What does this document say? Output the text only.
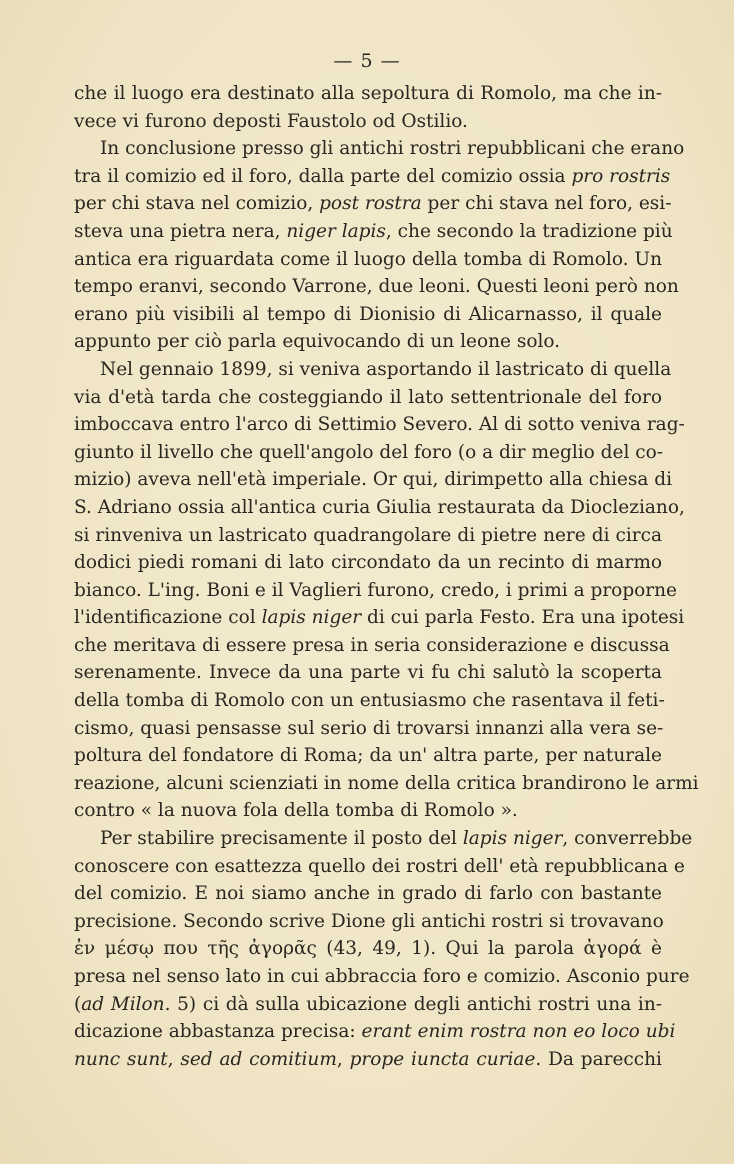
— 5 —
che il luogo era destinato alla sepoltura di Romolo, ma che in-
vece vi furono deposti Faustolo od Ostilio.
In conclusione presso gli antichi rostri repubblicani che erano
tra il comizio ed il foro, dalla parte del comizio ossia pro rostris
per chi stava nel comizio, post rostra per chi stava nel foro, esi-
steva una pietra nera, niger lapis, che secondo la tradizione più
antica era riguardata come il luogo della tomba di Romolo. Un
tempo eranvi, secondo Varrone, due leoni. Questi leoni però non
erano più visibili al tempo di Dionisio di Alicarnasso, il quale
appunto per ciò parla equivocando di un leone solo.
Nel gennaio 1899, si veniva asportando il lastricato di quella
via d'età tarda che costeggiando il lato settentrionale del foro
imboccava entro l'arco di Settimio Severo. Al di sotto veniva rag-
giunto il livello che quell'angolo del foro (o a dir meglio del co-
mizio) aveva nell'età imperiale. Or qui, dirimpetto alla chiesa di
S. Adriano ossia all'antica curia Giulia restaurata da Diocleziano,
si rinveniva un lastricato quadrangolare di pietre nere di circa
dodici piedi romani di lato circondato da un recinto di marmo
bianco. L'ing. Boni e il Vaglieri furono, credo, i primi a proporne
l'identificazione col lapis niger di cui parla Festo. Era una ipotesi
che meritava di essere presa in seria considerazione e discussa
serenamente. Invece da una parte vi fu chi salutò la scoperta
della tomba di Romolo con un entusiasmo che rasentava il feti-
cismo, quasi pensasse sul serio di trovarsi innanzi alla vera se-
poltura del fondatore di Roma; da un' altra parte, per naturale
reazione, alcuni scienziati in nome della critica brandirono le armi
contro « la nuova fola della tomba di Romolo ».
Per stabilire precisamente il posto del lapis niger, converrebbe
conoscere con esattezza quello dei rostri dell' età repubblicana e
del comizio. E noi siamo anche in grado di farlo con bastante
precisione. Secondo scrive Dione gli antichi rostri si trovavano
ἐν μέσῳ που τῆς ἀγορᾶς (43, 49, 1). Qui la parola ἀγορά è
presa nel senso lato in cui abbraccia foro e comizio. Asconio pure
(ad Milon. 5) ci dà sulla ubicazione degli antichi rostri una in-
dicazione abbastanza precisa: erant enim rostra non eo loco ubi
nunc sunt, sed ad comitium, prope iuncta curiae. Da parecchi
